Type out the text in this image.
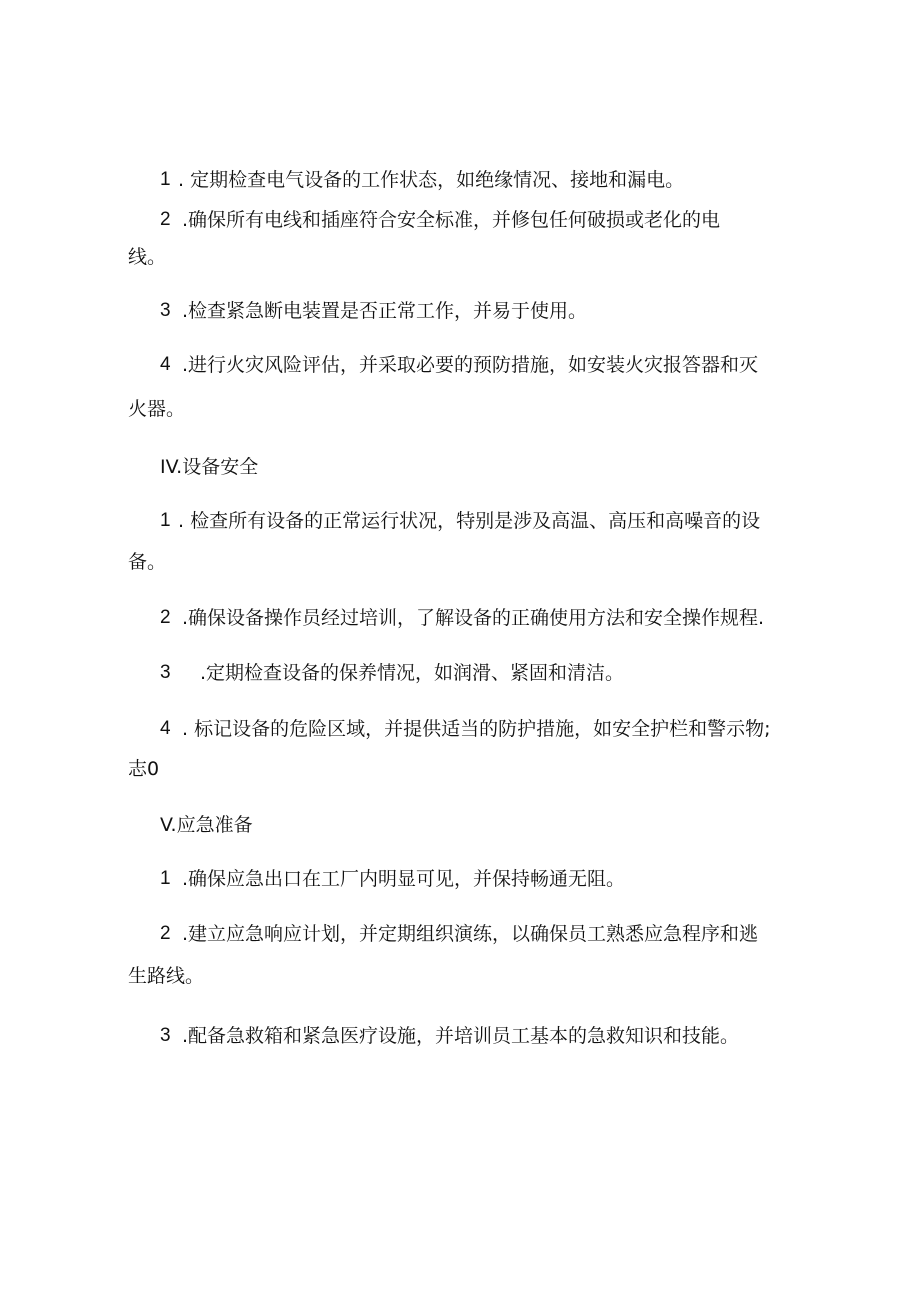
1 . 定期检查电气设备的工作状态，如绝缘情况、接地和漏电。
2 .确保所有电线和插座符合安全标准，并修包任何破损或老化的电
线。
3 .检查紧急断电装置是否正常工作，并易于使用。
4 .进行火灾风险评估，并采取必要的预防措施，如安装火灾报答器和灭
火器。
IV.设备安全
1 . 检查所有设备的正常运行状况，特别是涉及高温、高压和高噪音的设
备。
2 .确保设备操作员经过培训，了解设备的正确使用方法和安全操作规程.
3 .定期检查设备的保养情况，如润滑、紧固和清洁。
4 . 标记设备的危险区域，并提供适当的防护措施，如安全护栏和警示物;
志0
V.应急准备
1 .确保应急出口在工厂内明显可见，并保持畅通无阻。
2 .建立应急响应计划，并定期组织演练，以确保员工熟悉应急程序和逃
生路线。
3 .配备急救箱和紧急医疗设施，并培训员工基本的急救知识和技能。
